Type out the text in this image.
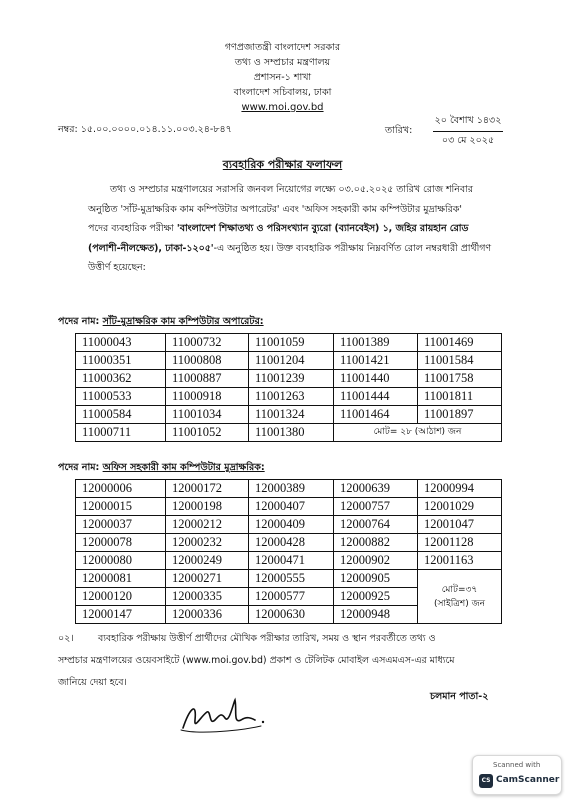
গণপ্রজাতন্ত্রী বাংলাদেশ সরকার
তথ্য ও সম্প্রচার মন্ত্রণালয়
প্রশাসন-১ শাখা
বাংলাদেশ সচিবালয়, ঢাকা
www.moi.gov.bd
নম্বর: ১৫.০০.০০০০.০১৪.১১.০০৩.২৪-৮৪৭	তারিখ:
২০ বৈশাখ ১৪৩২
০৩ মে ২০২৫
ব্যবহারিক পরীক্ষার ফলাফল
তথ্য ও সম্প্রচার মন্ত্রণালয়ের সরাসরি জনবল নিয়োগের লক্ষ্যে ০৩.০৫.২০২৫ তারিখ রোজ শনিবার
অনুষ্ঠিত 'সাঁট-মুদ্রাক্ষরিক কাম কম্পিউটার অপারেটর' এবং 'অফিস সহকারী কাম কম্পিউটার মুদ্রাক্ষরিক'
পদের ব্যবহারিক পরীক্ষা 'বাংলাদেশ শিক্ষাতথ্য ও পরিসংখ্যান ব্যুরো (ব্যানবেইস) ১, জহির রায়হান রোড
(পলাশী-নীলক্ষেত), ঢাকা-১২০৫'-এ অনুষ্ঠিত হয়। উক্ত ব্যবহারিক পরীক্ষায় নিম্নবর্ণিত রোল নম্বরধারী প্রার্থীগণ
উত্তীর্ণ হয়েছেন:
পদের নাম: সাঁট-মুদ্রাক্ষরিক কাম কম্পিউটার অপারেটর:
11000043	11000732	11001059	11001389	11001469
11000351	11000808	11001204	11001421	11001584
11000362	11000887	11001239	11001440	11001758
11000533	11000918	11001263	11001444	11001811
11000584	11001034	11001324	11001464	11001897
11000711	11001052	11001380	মোট= ২৮ (আঠাশ) জন	
পদের নাম: অফিস সহকারী কাম কম্পিউটার মুদ্রাক্ষরিক:
12000006	12000172	12000389	12000639	12000994
12000015	12000198	12000407	12000757	12001029
12000037	12000212	12000409	12000764	12001047
12000078	12000232	12000428	12000882	12001128
12000080	12000249	12000471	12000902	12001163
12000081	12000271	12000555	12000905	মোট=৩৭
(সাইত্রিশ) জন

12000120	12000335	12000577	12000925	
12000147	12000336	12000630	12000948	
০২।	ব্যবহারিক পরীক্ষায় উত্তীর্ণ প্রার্থীদের মৌখিক পরীক্ষার তারিখ, সময় ও স্থান পরবর্তীতে তথ্য ও
সম্প্রচার মন্ত্রণালয়ের ওয়েবসাইটে (www.moi.gov.bd) প্রকাশ ও টেলিটক মোবাইল এসএমএস-এর মাধ্যমে
জানিয়ে দেয়া হবে।
চলমান পাতা-২
Scanned with
CS CamScanner
